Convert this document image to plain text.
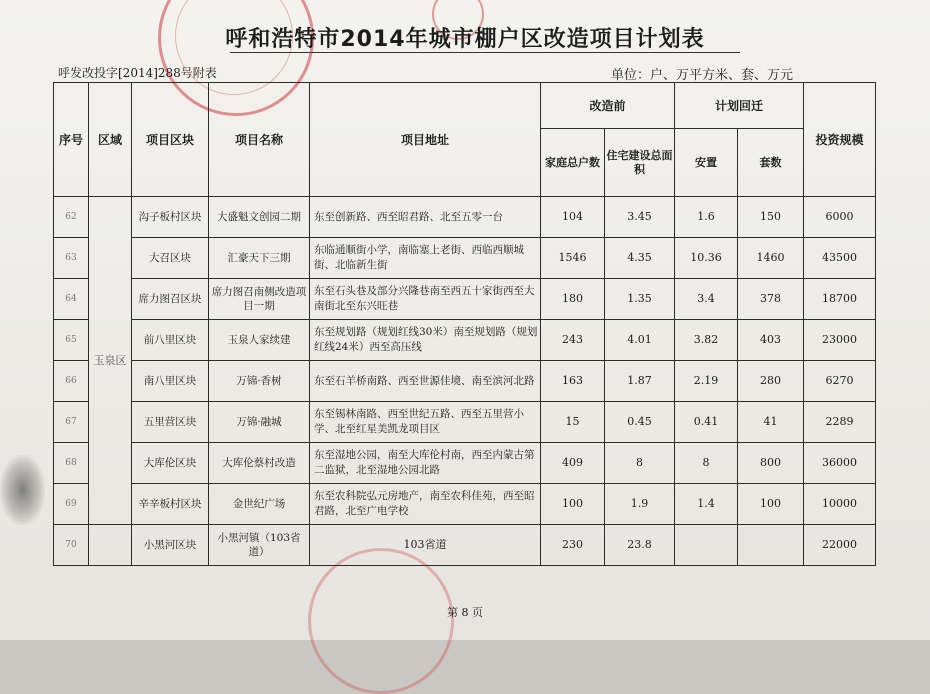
呼和浩特市2014年城市棚户区改造项目计划表
呼发改投字[2014]288号附表	单位：户、万平方米、套、万元
序号	区域	项目区块	项目名称	项目地址	改造前		计划回迁		投资规模
					家庭总户数	住宅建设总面积	安置	套数	
62	玉泉区	沟子板村区块	大盛魁文创园二期	东至创新路、西至昭君路、北至五零一台	104	3.45	1.6	150	6000
63		大召区块	汇豪天下三期	东临通顺街小学，南临塞上老街、西临西顺城街、北临新生街	1546	4.35	10.36	1460	43500
64		席力图召区块	席力图召南侧改造项目一期	东至石头巷及部分兴隆巷南至西五十家街西至大南街北至东兴旺巷	180	1.35	3.4	378	18700
65		前八里区块	玉泉人家续建	东至规划路（规划红线30米）南至规划路（规划红线24米）西至高压线	243	4.01	3.82	403	23000
66		南八里区块	万锦·香树	东至石羊桥南路、西至世源佳境、南至滨河北路	163	1.87	2.19	280	6270
67		五里营区块	万锦·融城	东至锡林南路、西至世纪五路、西至五里营小学、北至红星美凯龙项目区	15	0.45	0.41	41	2289
68		大库伦区块	大库伦蔡村改造	东至湿地公园，南至大库伦村南，西至内蒙古第二监狱，北至湿地公园北路	409	8	8	800	36000
69		辛辛板村区块	金世纪广场	东至农科院弘元房地产，南至农科佳苑，西至昭君路，北至广电学校	100	1.9	1.4	100	10000
70		小黑河区块	小黑河镇（103省道）	103省道	230	23.8			22000
第 8 页
